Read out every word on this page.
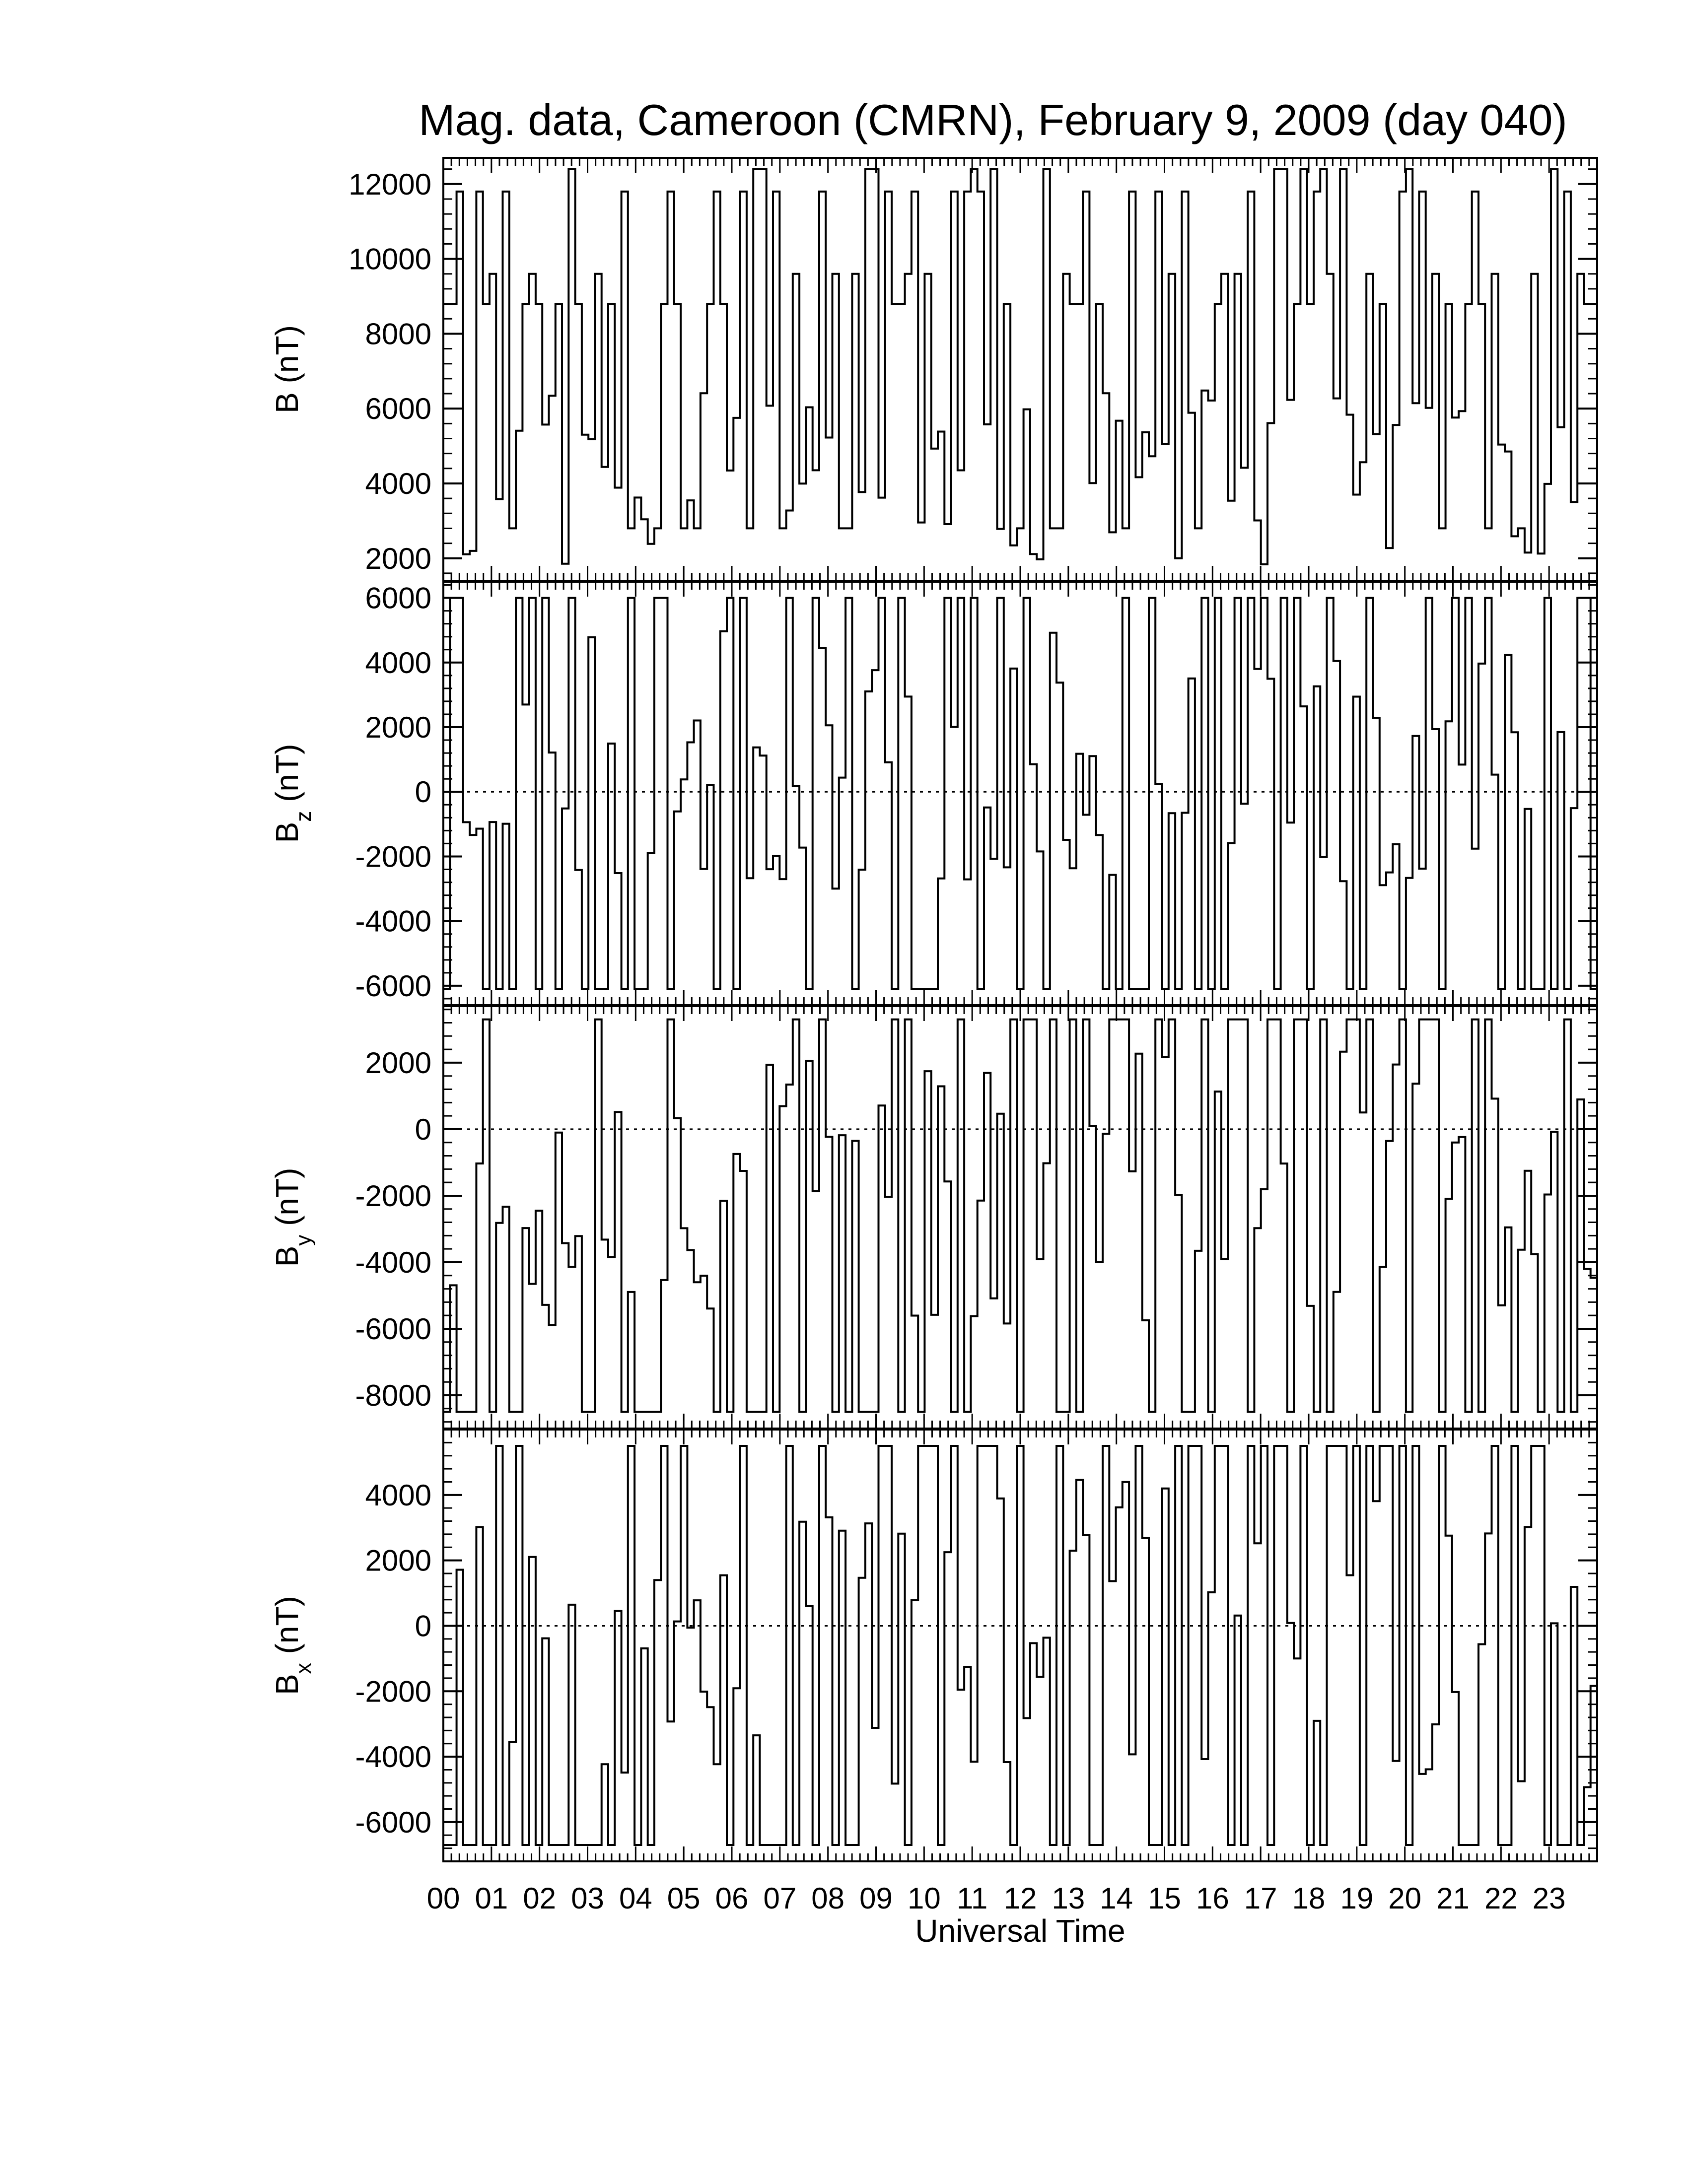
Mag. data, Cameroon (CMRN), February 9, 2009 (day 040)
2000
4000
6000
8000
10000
12000
B (nT)
-6000
-4000
-2000
0
2000
4000
6000
$B_z$ (nT)
-8000
-6000
-4000
-2000
0
2000
$B_y$ (nT)
-6000
-4000
-2000
0
2000
4000
$B_x$ (nT)
00 01 02 03 04 05 06 07 08 09 10 11 12 13 14 15 16 17 18 19 20 21 22 23
Universal Time
